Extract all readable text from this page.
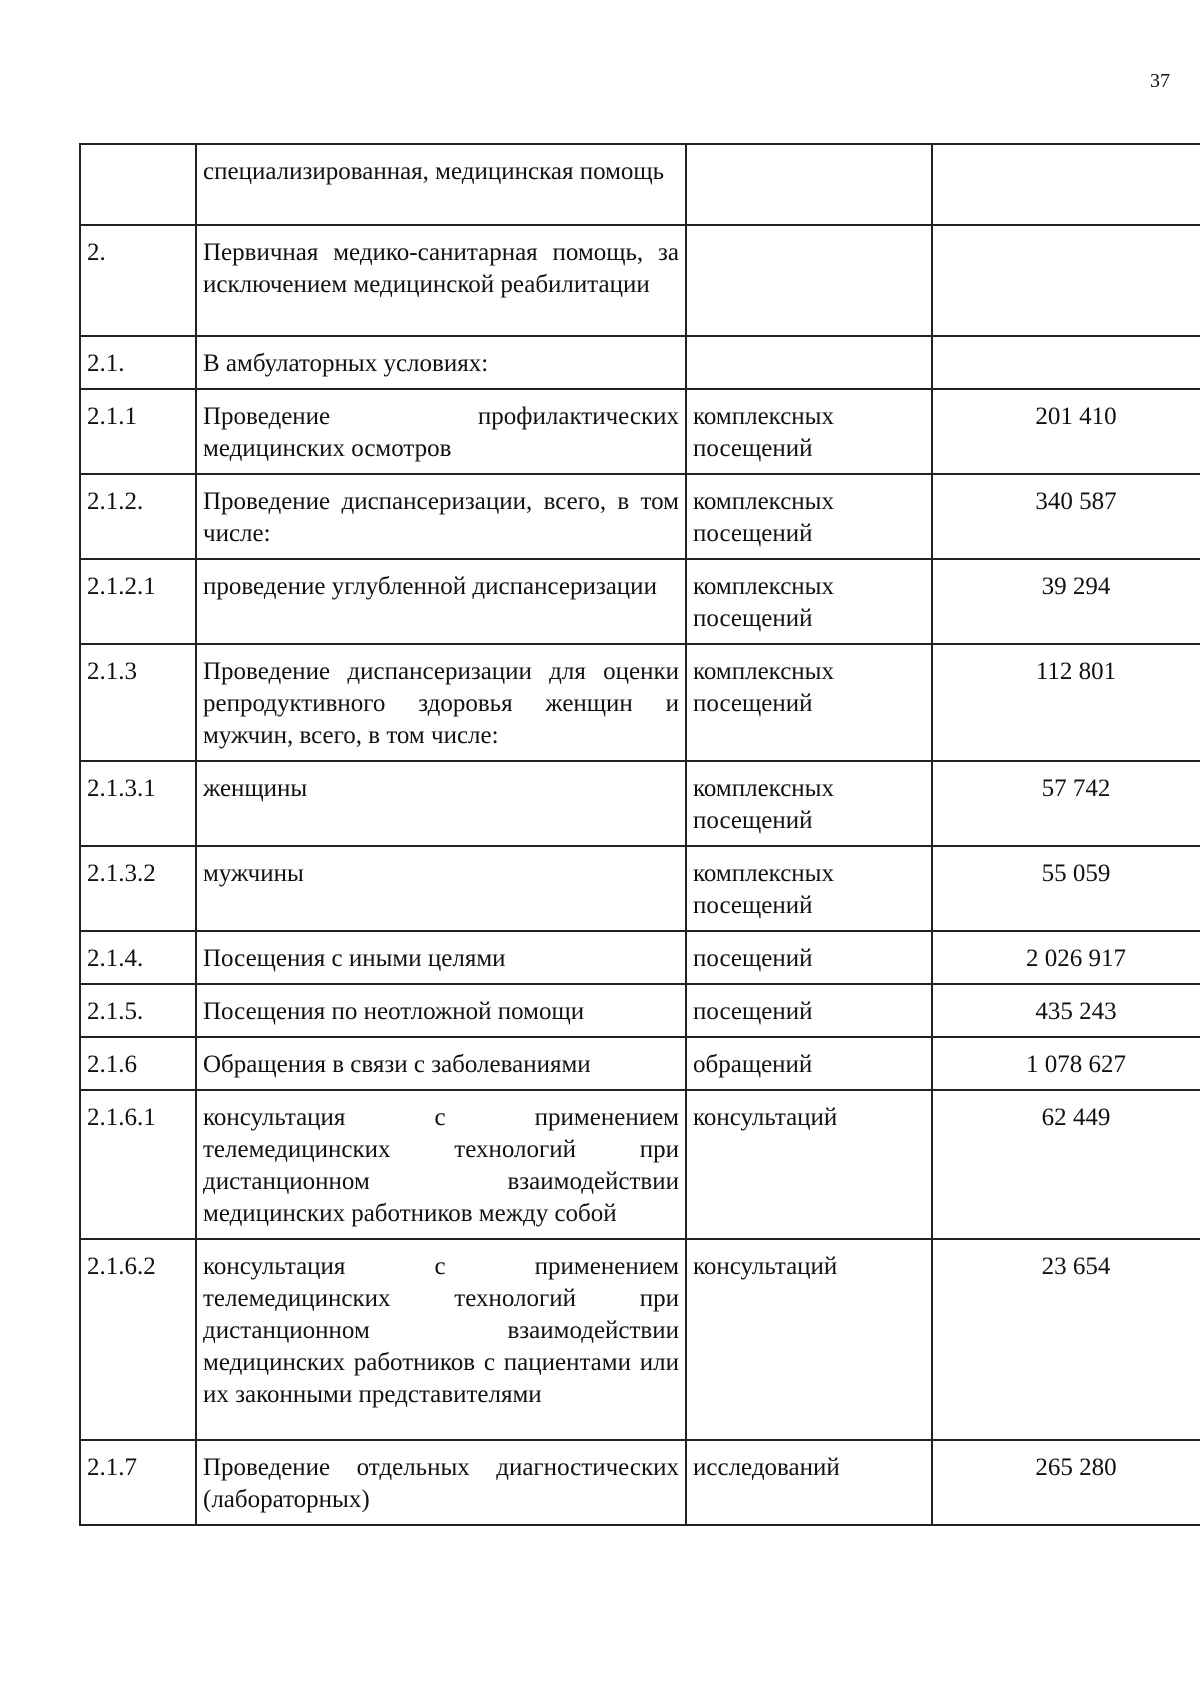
37
	специализированная, медицинская помощь		
2.	Первичная медико-санитарная помощь, за исключением медицинской реабилитации		
2.1.	В амбулаторных условиях:		
2.1.1	Проведение профилактических медицинских осмотров	комплексных посещений	201 410
2.1.2.	Проведение диспансеризации, всего, в том числе:	комплексных посещений	340 587
2.1.2.1	проведение углубленной диспансеризации	комплексных посещений	39 294
2.1.3	Проведение диспансеризации для оценки репродуктивного здоровья женщин и мужчин, всего, в том числе:	комплексных посещений	112 801
2.1.3.1	женщины	комплексных посещений	57 742
2.1.3.2	мужчины	комплексных посещений	55 059
2.1.4.	Посещения с иными целями	посещений	2 026 917
2.1.5.	Посещения по неотложной помощи	посещений	435 243
2.1.6	Обращения в связи с заболеваниями	обращений	1 078 627
2.1.6.1	консультация с применением телемедицинских технологий при дистанционном взаимодействии медицинских работников между собой	консультаций	62 449
2.1.6.2	консультация с применением телемедицинских технологий при дистанционном взаимодействии медицинских работников с пациентами или их законными представителями	консультаций	23 654
2.1.7	Проведение отдельных диагностических (лабораторных)	исследований	265 280
